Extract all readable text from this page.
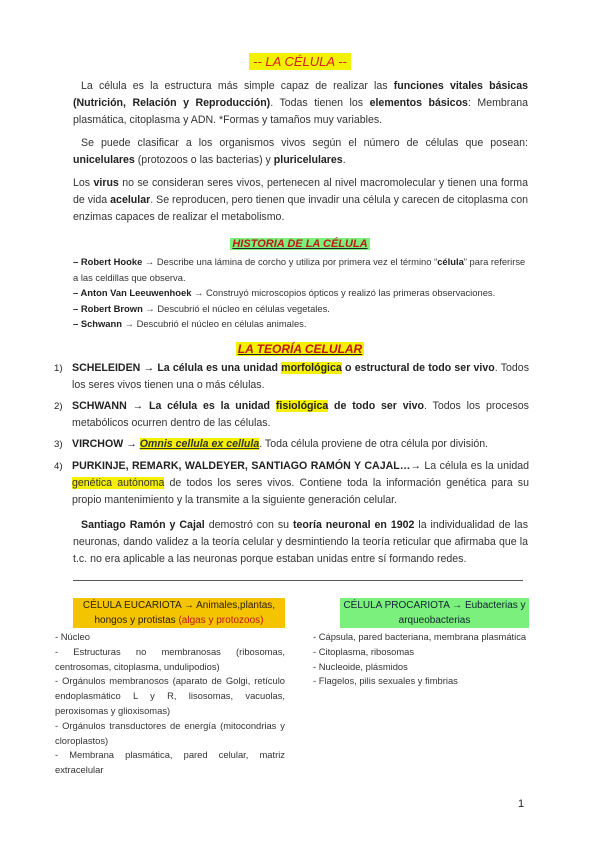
-- LA CÉLULA --
La célula es la estructura más simple capaz de realizar las funciones vitales básicas (Nutrición, Relación y Reproducción). Todas tienen los elementos básicos: Membrana plasmática, citoplasma y ADN. *Formas y tamaños muy variables.
Se puede clasificar a los organismos vivos según el número de células que posean: unicelulares (protozoos o las bacterias) y pluricelulares.
Los virus no se consideran seres vivos, pertenecen al nivel macromolecular y tienen una forma de vida acelular. Se reproducen, pero tienen que invadir una célula y carecen de citoplasma con enzimas capaces de realizar el metabolismo.
HISTORIA DE LA CÉLULA
– Robert Hooke → Describe una lámina de corcho y utiliza por primera vez el término “célula” para referirse a las celdillas que observa.
– Anton Van Leeuwenhoek → Construyó microscopios ópticos y realizó las primeras observaciones.
– Robert Brown → Descubrió el núcleo en células vegetales.
– Schwann → Descubrió el núcleo en células animales.
LA TEORÍA CELULAR
1) SCHELEIDEN → La célula es una unidad morfológica o estructural de todo ser vivo. Todos los seres vivos tienen una o más células.
2) SCHWANN → La célula es la unidad fisiológica de todo ser vivo. Todos los procesos metabólicos ocurren dentro de las células.
3) VIRCHOW → Omnis cellula ex cellula. Toda célula proviene de otra célula por división.
4) PURKINJE, REMARK, WALDEYER, SANTIAGO RAMÓN Y CAJAL…→ La célula es la unidad genética autónoma de todos los seres vivos. Contiene toda la información genética para su propio mantenimiento y la transmite a la siguiente generación celular.
Santiago Ramón y Cajal demostró con su teoría neuronal en 1902 la individualidad de las neuronas, dando validez a la teoría celular y desmintiendo la teoría reticular que afirmaba que la t.c. no era aplicable a las neuronas porque estaban unidas entre sí formando redes.
CÉLULA EUCARIOTA → Animales,plantas, hongos y protistas (algas y protozoos)
CÉLULA PROCARIOTA → Eubacterias y arqueobacterias
- Núcleo
- Estructuras no membranosas (ribosomas, centrosomas, citoplasma, undulipodios)
- Orgánulos membranosos (aparato de Golgi, retículo endoplasmático L y R, lisosomas, vacuolas, peroxisomas y glioxisomas)
- Orgánulos transductores de energía (mitocondrias y cloroplastos)
- Membrana plasmática, pared celular, matriz extracelular
- Cápsula, pared bacteriana, membrana plasmática
- Citoplasma, ribosomas
- Nucleoide, plásmidos
- Flagelos, pilis sexuales y fimbrias
1
